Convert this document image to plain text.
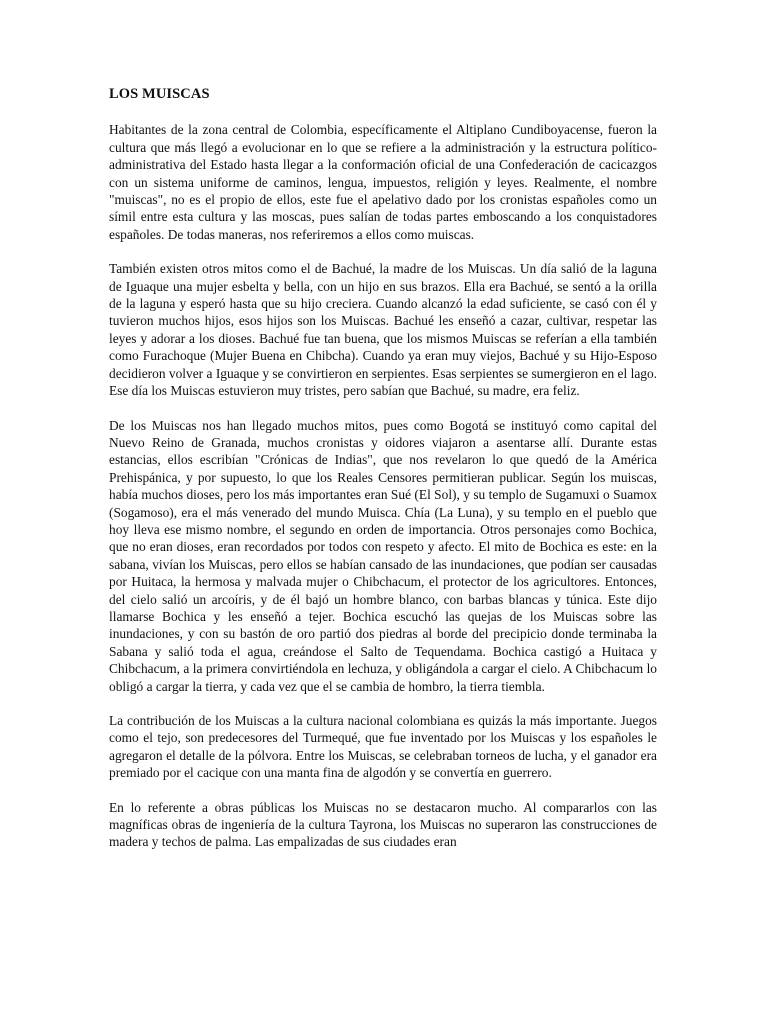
LOS MUISCAS

Habitantes de la zona central de Colombia, específicamente el Altiplano Cundiboyacense, fueron la cultura que más llegó a evolucionar en lo que se refiere a la administración y la estructura político-administrativa del Estado hasta llegar a la conformación oficial de una Confederación de cacicazgos con un sistema uniforme de caminos, lengua, impuestos, religión y leyes. Realmente, el nombre "muiscas", no es el propio de ellos, este fue el apelativo dado por los cronistas españoles como un símil entre esta cultura y las moscas, pues salían de todas partes emboscando a los conquistadores españoles. De todas maneras, nos referiremos a ellos como muiscas.

También existen otros mitos como el de Bachué, la madre de los Muiscas. Un día salió de la laguna de Iguaque una mujer esbelta y bella, con un hijo en sus brazos. Ella era Bachué, se sentó a la orilla de la laguna y esperó hasta que su hijo creciera. Cuando alcanzó la edad suficiente, se casó con él y tuvieron muchos hijos, esos hijos son los Muiscas. Bachué les enseñó a cazar, cultivar, respetar las leyes y adorar a los dioses. Bachué fue tan buena, que los mismos Muiscas se referían a ella también como Furachoque (Mujer Buena en Chibcha). Cuando ya eran muy viejos, Bachué y su Hijo-Esposo decidieron volver a Iguaque y se convirtieron en serpientes. Esas serpientes se sumergieron en el lago. Ese día los Muiscas estuvieron muy tristes, pero sabían que Bachué, su madre, era feliz.

De los Muiscas nos han llegado muchos mitos, pues como Bogotá se instituyó como capital del Nuevo Reino de Granada, muchos cronistas y oidores viajaron a asentarse allí. Durante estas estancias, ellos escribían "Crónicas de Indias", que nos revelaron lo que quedó de la América Prehispánica, y por supuesto, lo que los Reales Censores permitieran publicar. Según los muiscas, había muchos dioses, pero los más importantes eran Sué (El Sol), y su templo de Sugamuxi o Suamox (Sogamoso), era el más venerado del mundo Muisca. Chía (La Luna), y su templo en el pueblo que hoy lleva ese mismo nombre, el segundo en orden de importancia. Otros personajes como Bochica, que no eran dioses, eran recordados por todos con respeto y afecto. El mito de Bochica es este: en la sabana, vivían los Muiscas, pero ellos se habían cansado de las inundaciones, que podían ser causadas por Huitaca, la hermosa y malvada mujer o Chibchacum, el protector de los agricultores. Entonces, del cielo salió un arcoíris, y de él bajó un hombre blanco, con barbas blancas y túnica. Este dijo llamarse Bochica y les enseñó a tejer. Bochica escuchó las quejas de los Muiscas sobre las inundaciones, y con su bastón de oro partió dos piedras al borde del precipicio donde terminaba la Sabana y salió toda el agua, creándose el Salto de Tequendama. Bochica castigó a Huitaca y Chibchacum, a la primera convirtiéndola en lechuza, y obligándola a cargar el cielo. A Chibchacum lo obligó a cargar la tierra, y cada vez que el se cambia de hombro, la tierra tiembla.

La contribución de los Muiscas a la cultura nacional colombiana es quizás la más importante. Juegos como el tejo, son predecesores del Turmequé, que fue inventado por los Muiscas y los españoles le agregaron el detalle de la pólvora. Entre los Muiscas, se celebraban torneos de lucha, y el ganador era premiado por el cacique con una manta fina de algodón y se convertía en guerrero.

En lo referente a obras públicas los Muiscas no se destacaron mucho. Al compararlos con las magníficas obras de ingeniería de la cultura Tayrona, los Muiscas no superaron las construcciones de madera y techos de palma. Las empalizadas de sus ciudades eran
